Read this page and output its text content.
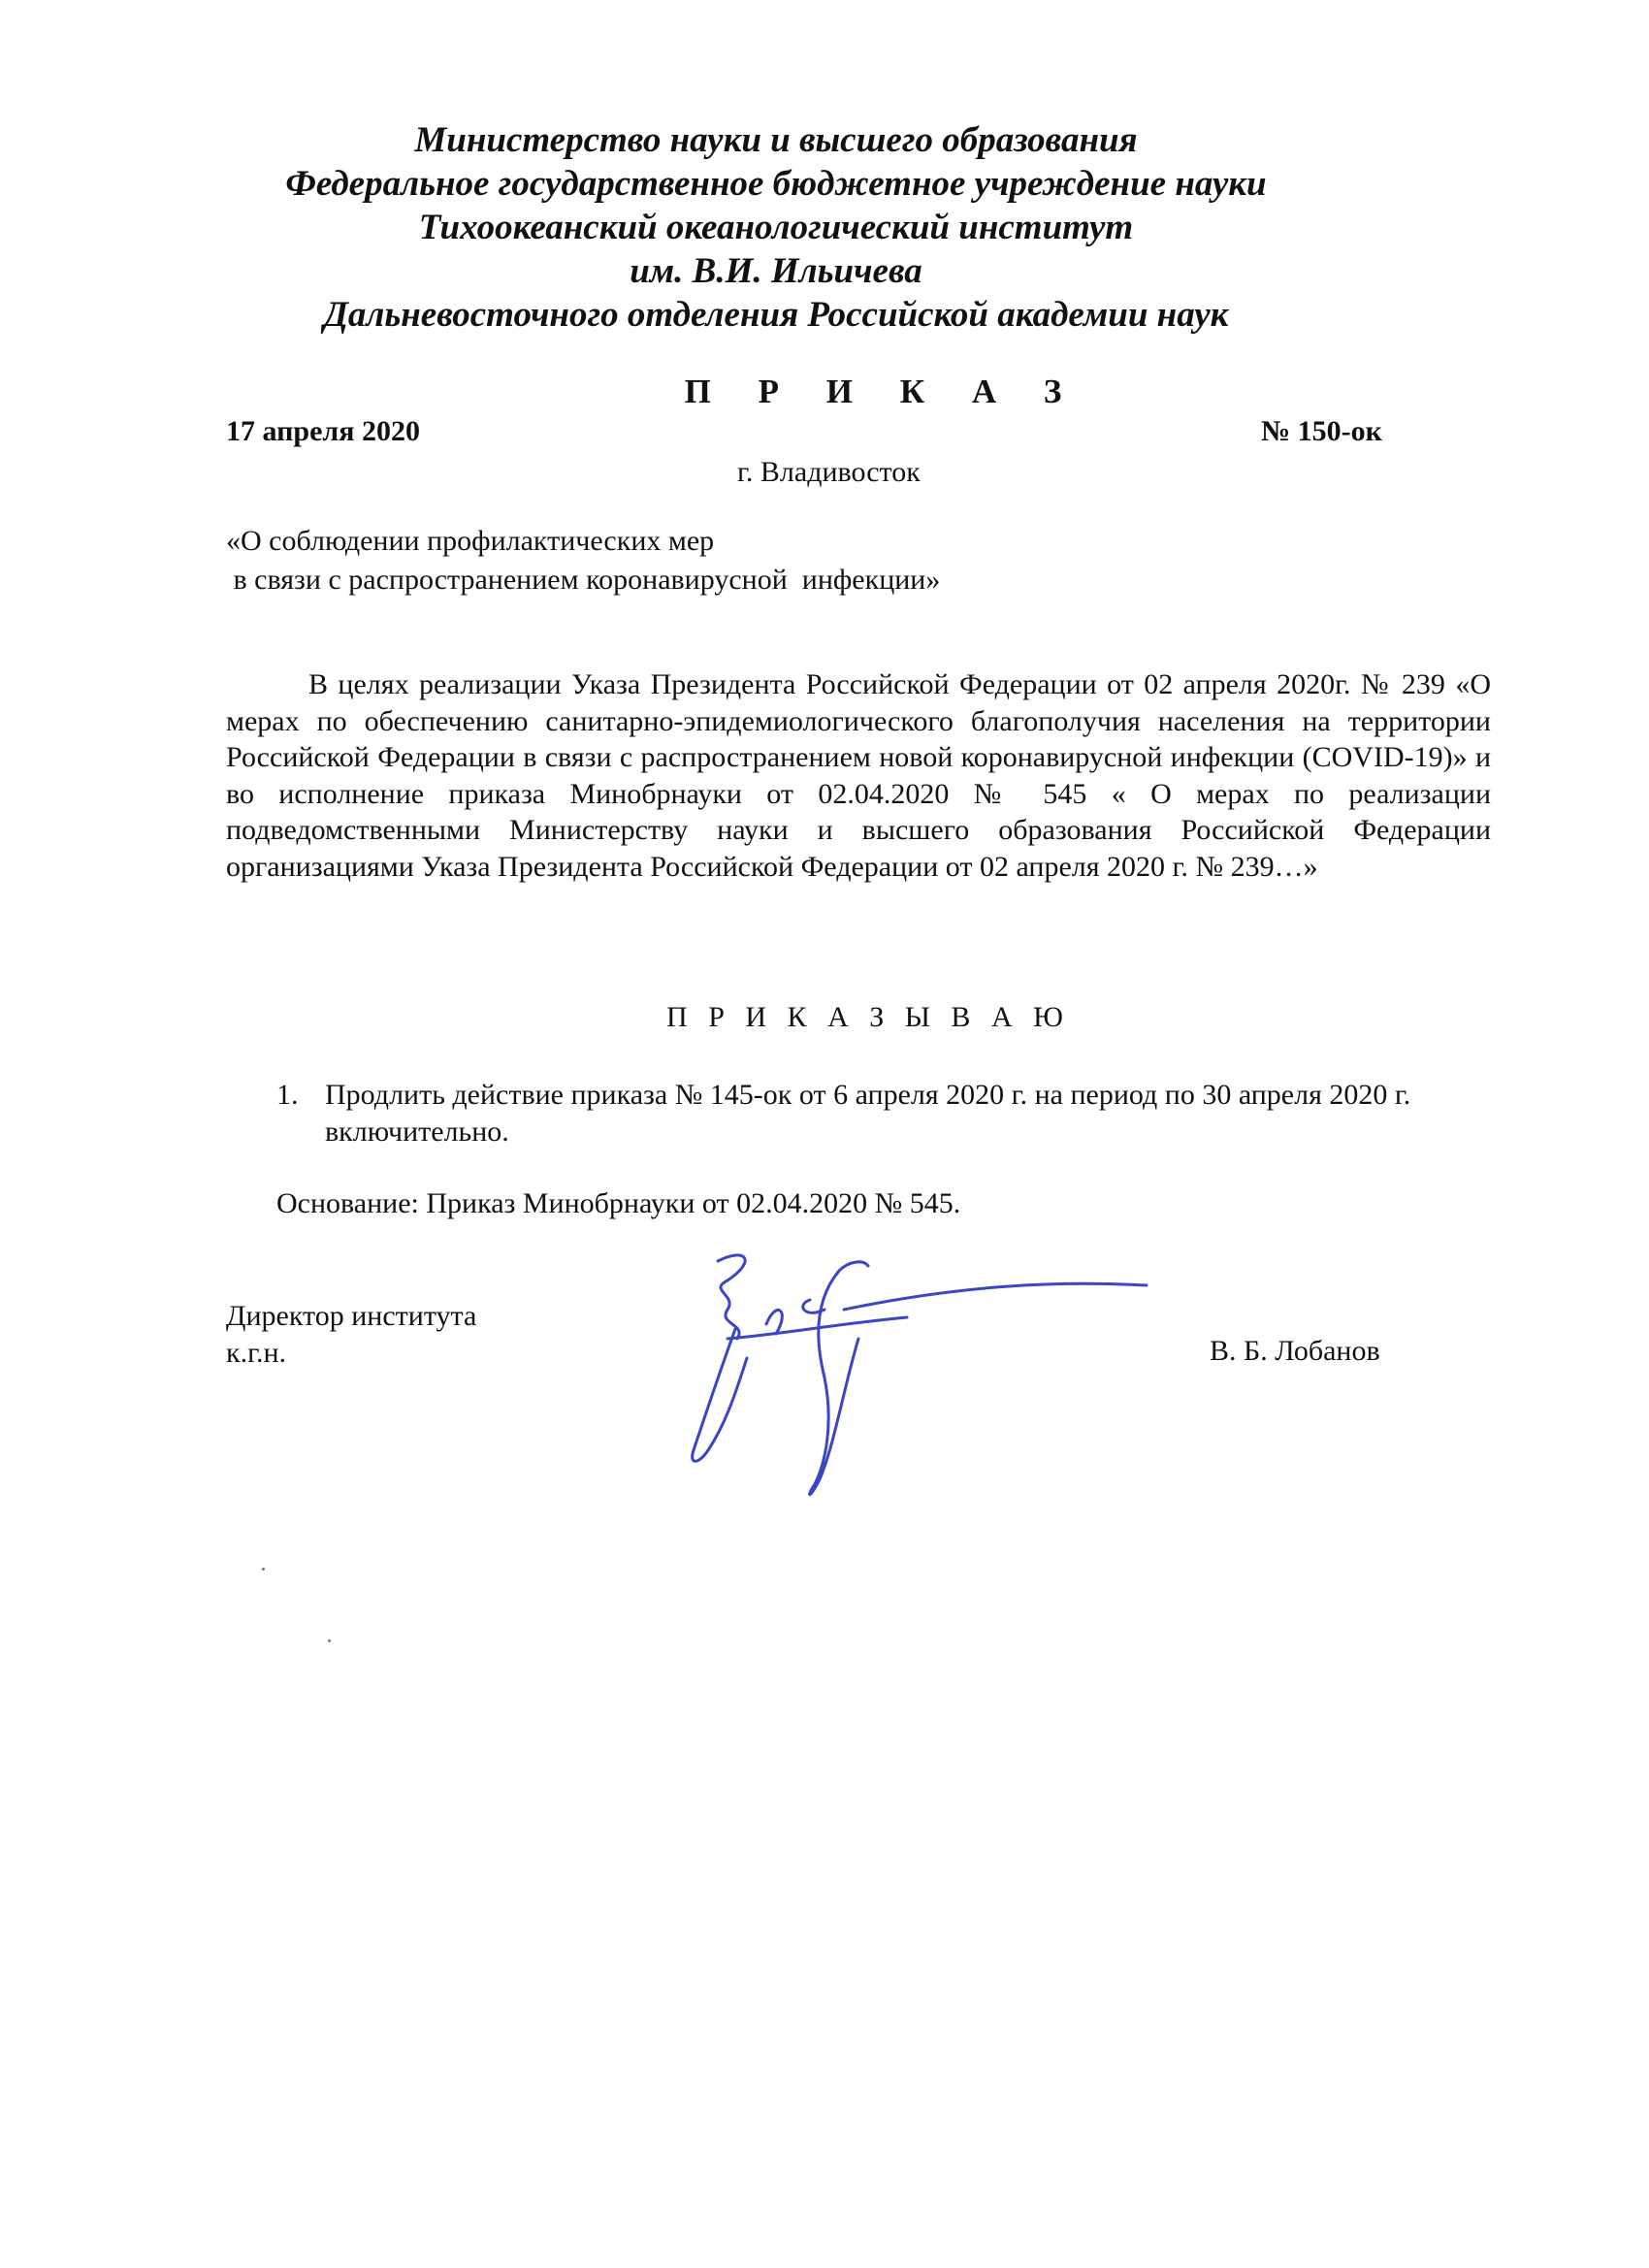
Министерство науки и высшего образования
Федеральное государственное бюджетное учреждение науки
Тихоокеанский океанологический институт
им. В.И. Ильичева
Дальневосточного отделения Российской академии наук
П Р И К А З
17 апреля 2020	№ 150-ок
г. Владивосток
«О соблюдении профилактических мер
в связи с распространением коронавирусной  инфекции»
В целях реализации Указа Президента Российской Федерации от 02 апреля 2020г. № 239 «О мерах по обеспечению санитарно-эпидемиологического благополучия населения на территории Российской Федерации в связи с распространением новой коронавирусной инфекции (COVID-19)» и во исполнение приказа Минобрнауки от 02.04.2020 № 545 « О мерах по реализации подведомственными Министерству науки и высшего образования Российской Федерации организациями Указа Президента Российской Федерации от 02 апреля 2020 г. № 239…»
П Р И К А З Ы В А Ю
1. Продлить действие приказа № 145-ок от 6 апреля 2020 г. на период по 30 апреля 2020 г. включительно.
Основание: Приказ Минобрнауки от 02.04.2020 № 545.
Директор института
к.г.н.	В. Б. Лобанов
